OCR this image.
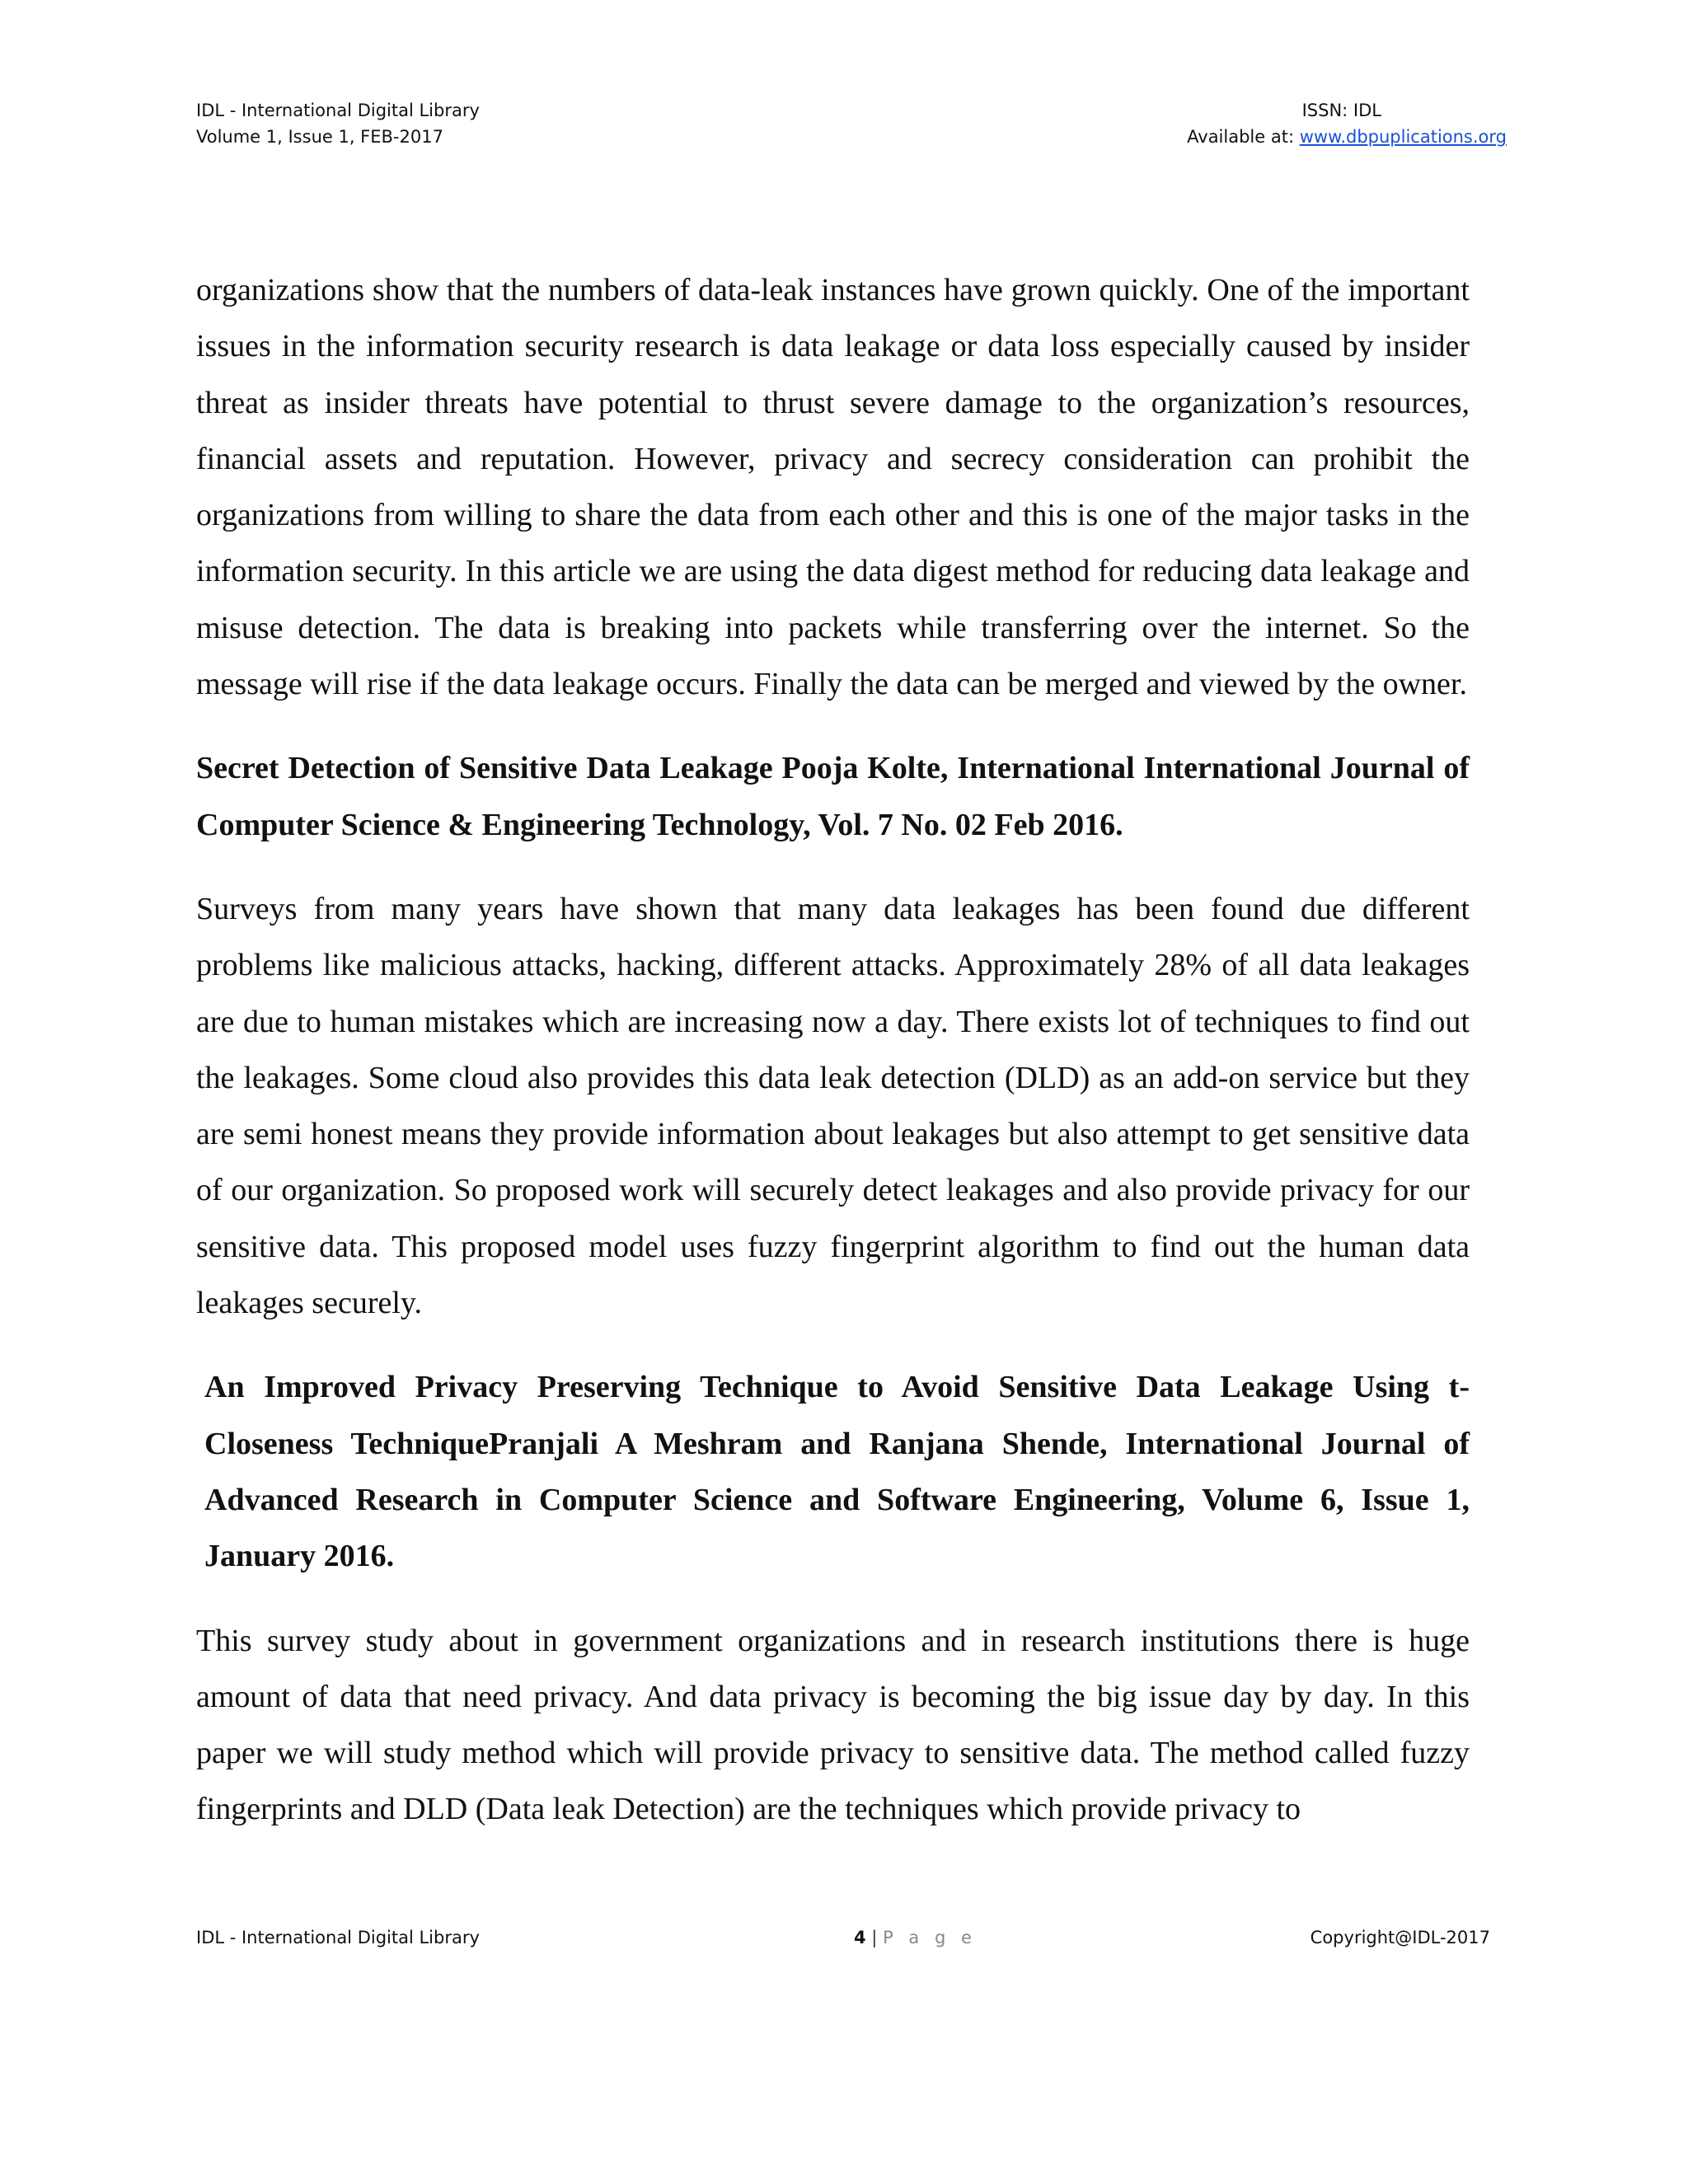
IDL - International Digital Library
Volume 1, Issue 1, FEB-2017
ISSN: IDL
Available at: www.dbpuplications.org

organizations show that the numbers of data-leak instances have grown quickly. One of the important issues in the information security research is data leakage or data loss especially caused by insider threat as insider threats have potential to thrust severe damage to the organization’s resources, financial assets and reputation. However, privacy and secrecy consideration can prohibit the organizations from willing to share the data from each other and this is one of the major tasks in the information security. In this article we are using the data digest method for reducing data leakage and misuse detection. The data is breaking into packets while transferring over the internet. So the message will rise if the data leakage occurs. Finally the data can be merged and viewed by the owner.

Secret Detection of Sensitive Data Leakage Pooja Kolte, International International Journal of Computer Science & Engineering Technology, Vol. 7 No. 02 Feb 2016.

Surveys from many years have shown that many data leakages has been found due different problems like malicious attacks, hacking, different attacks. Approximately 28% of all data leakages are due to human mistakes which are increasing now a day. There exists lot of techniques to find out the leakages. Some cloud also provides this data leak detection (DLD) as an add-on service but they are semi honest means they provide information about leakages but also attempt to get sensitive data of our organization. So proposed work will securely detect leakages and also provide privacy for our sensitive data. This proposed model uses fuzzy fingerprint algorithm to find out the human data leakages securely.

An Improved Privacy Preserving Technique to Avoid Sensitive Data Leakage Using t-Closeness TechniquePranjali A Meshram and Ranjana Shende, International Journal of Advanced Research in Computer Science and Software Engineering, Volume 6, Issue 1, January 2016.

This survey study about in government organizations and in research institutions there is huge amount of data that need privacy. And data privacy is becoming the big issue day by day. In this paper we will study method which will provide privacy to sensitive data. The method called fuzzy fingerprints and DLD (Data leak Detection) are the techniques which provide privacy to

IDL - International Digital Library	4 | P a g e	Copyright@IDL-2017
